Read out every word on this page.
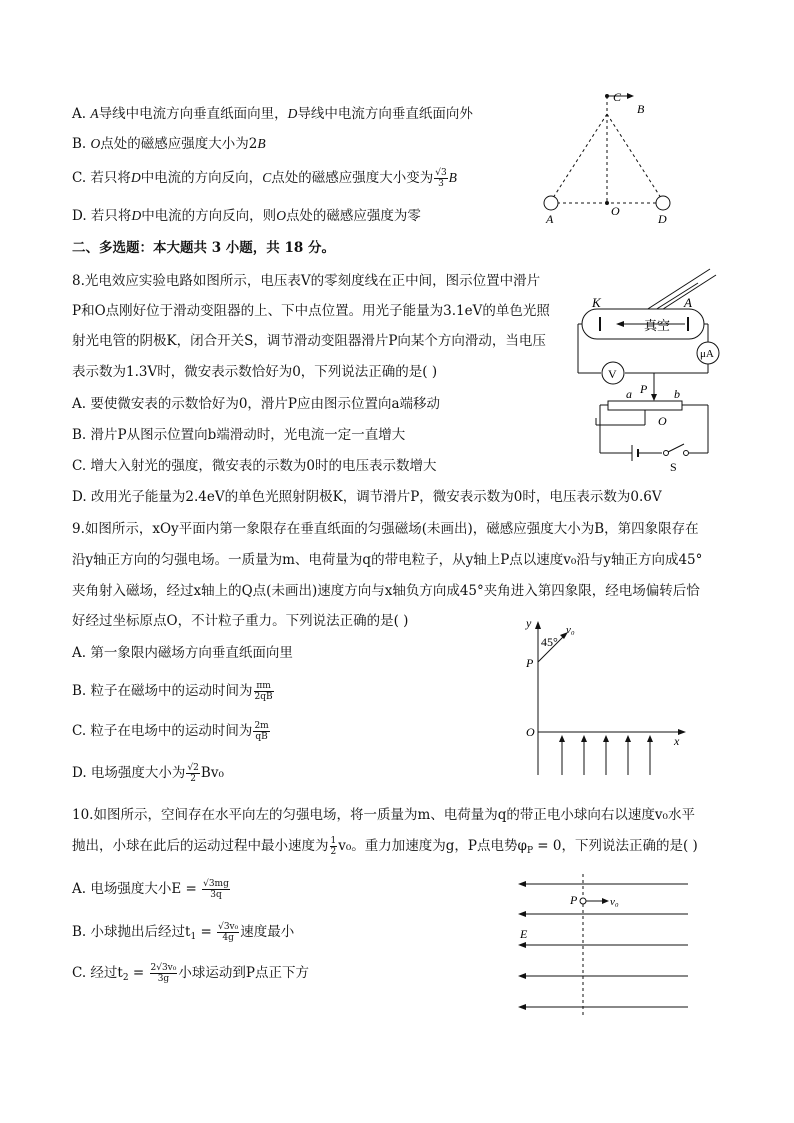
A. A导线中电流方向垂直纸面向里，D导线中电流方向垂直纸面向外
B. O点处的磁感应强度大小为2B
C. 若只将D中电流的方向反向，C点处的磁感应强度大小变为 $\frac{√3}{3}$ B
D. 若只将D中电流的方向反向，则O点处的磁感应强度为零
C
B
A
O
D
二、多选题：本大题共 3 小题，共 18 分。
8.光电效应实验电路如图所示，电压表V的零刻度线在正中间，图示位置中滑片
P和O点刚好位于滑动变阻器的上、下中点位置。用光子能量为3.1eV的单色光照
射光电管的阴极K，闭合开关S，调节滑动变阻器滑片P向某个方向滑动，当电压
表示数为1.3V时，微安表示数恰好为0，下列说法正确的是( )
A. 要使微安表的示数恰好为0，滑片P应由图示位置向a端移动
B. 滑片P从图示位置向b端滑动时，光电流一定一直增大
C. 增大入射光的强度，微安表的示数为0时的电压表示数增大
D. 改用光子能量为2.4eV的单色光照射阴极K，调节滑片P，微安表示数为0时，电压表示数为0.6V
K	A
真空
μA
V
P
a	b
O
S
9.如图所示，xOy平面内第一象限存在垂直纸面的匀强磁场(未画出)，磁感应强度大小为B，第四象限存在
沿y轴正方向的匀强电场。一质量为m、电荷量为q的带电粒子，从y轴上P点以速度v₀沿与y轴正方向成45°
夹角射入磁场，经过x轴上的Q点(未画出)速度方向与x轴负方向成45°夹角进入第四象限，经电场偏转后恰
好经过坐标原点O，不计粒子重力。下列说法正确的是( )
A. 第一象限内磁场方向垂直纸面向里
B. 粒子在磁场中的运动时间为 $\frac{\pi m}{2qB}$
C. 粒子在电场中的运动时间为 $\frac{2m}{qB}$
D. 电场强度大小为 $\frac{√2}{2} Bv_0$
y
45°
v₀
P
O
x
10.如图所示，空间存在水平向左的匀强电场，将一质量为m、电荷量为q的带正电小球向右以速度v₀水平
抛出，小球在此后的运动过程中最小速度为 $\frac{1}{2} v_0$。重力加速度为g，P点电势$\varphi_P = 0$，下列说法正确的是( )
A. 电场强度大小$E = \frac{√3mg}{3q}$
B. 小球抛出后经过$t_1 = \frac{\text{√3v₀}}{4g}$ 速度最小
C. 经过$t_2 = \frac{\text{2√3v₀}}{3g}$ 小球运动到P点正下方
P	v₀
E
